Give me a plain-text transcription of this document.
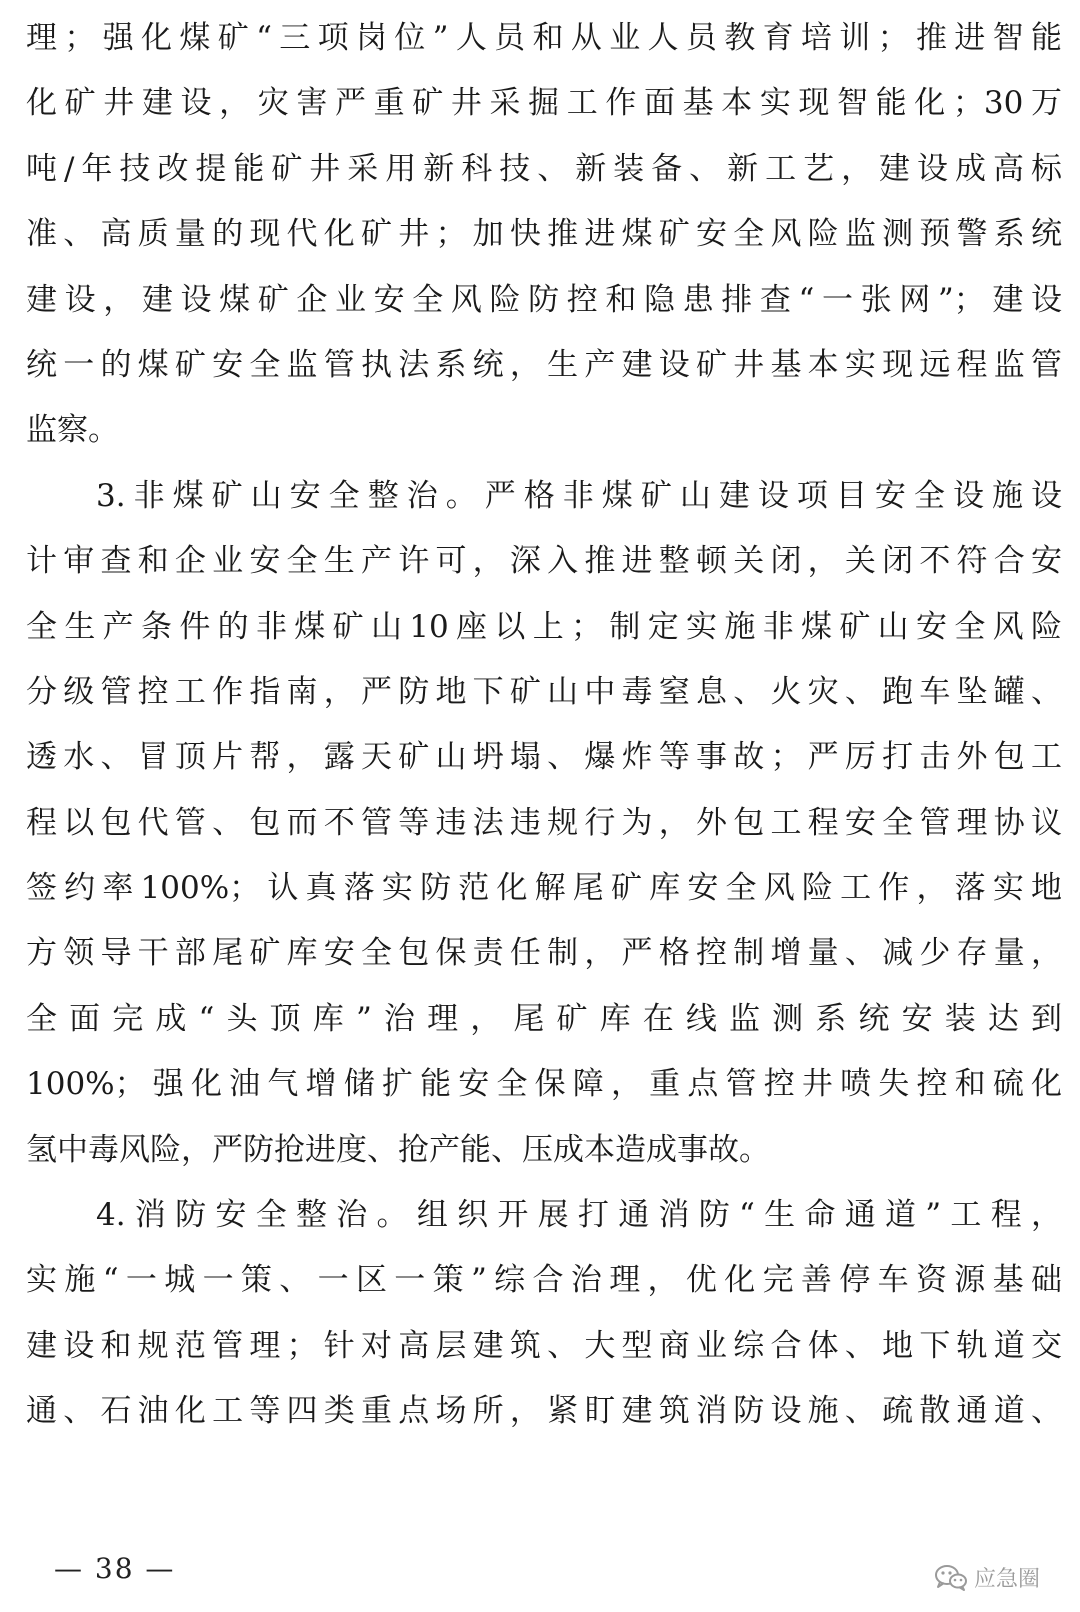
理；强化煤矿“三项岗位”人员和从业人员教育培训；推进智能
化矿井建设，灾害严重矿井采掘工作面基本实现智能化；30万
吨/年技改提能矿井采用新科技、新装备、新工艺，建设成高标
准、高质量的现代化矿井；加快推进煤矿安全风险监测预警系统
建设，建设煤矿企业安全风险防控和隐患排查“一张网”；建设
统一的煤矿安全监管执法系统，生产建设矿井基本实现远程监管
监察。
3.非煤矿山安全整治。严格非煤矿山建设项目安全设施设
计审查和企业安全生产许可，深入推进整顿关闭，关闭不符合安
全生产条件的非煤矿山10座以上；制定实施非煤矿山安全风险
分级管控工作指南，严防地下矿山中毒窒息、火灾、跑车坠罐、
透水、冒顶片帮，露天矿山坍塌、爆炸等事故；严厉打击外包工
程以包代管、包而不管等违法违规行为，外包工程安全管理协议
签约率100%；认真落实防范化解尾矿库安全风险工作，落实地
方领导干部尾矿库安全包保责任制，严格控制增量、减少存量，
全面完成“头顶库”治理，尾矿库在线监测系统安装达到
100%；强化油气增储扩能安全保障，重点管控井喷失控和硫化
氢中毒风险，严防抢进度、抢产能、压成本造成事故。
4.消防安全整治。组织开展打通消防“生命通道”工程，
实施“一城一策、一区一策”综合治理，优化完善停车资源基础
建设和规范管理；针对高层建筑、大型商业综合体、地下轨道交
通、石油化工等四类重点场所，紧盯建筑消防设施、疏散通道、
— 38 —	应急圈
